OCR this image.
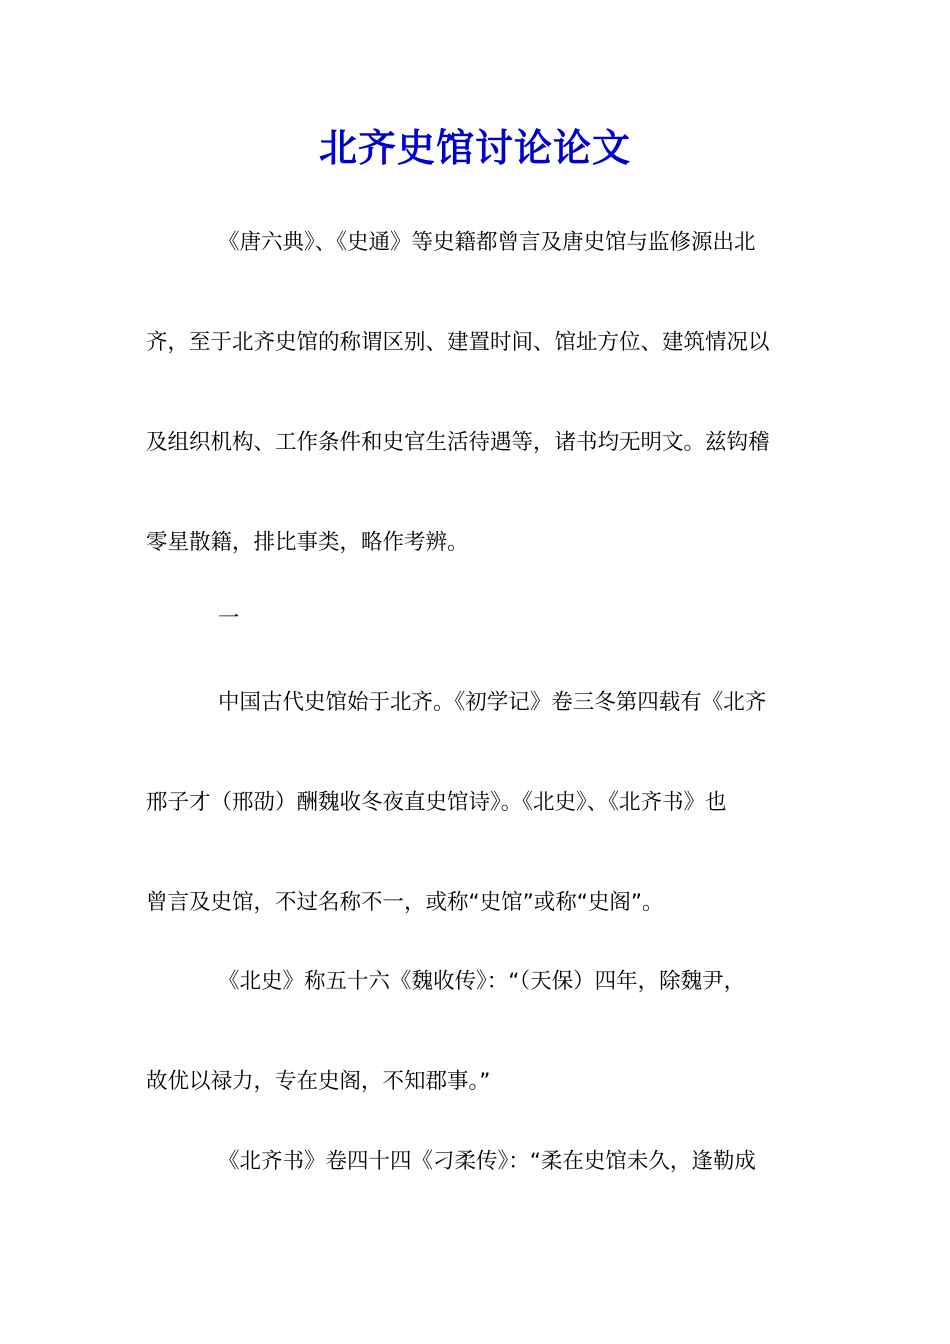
北齐史馆讨论论文
《唐六典》、《史通》等史籍都曾言及唐史馆与监修源出北
齐，至于北齐史馆的称谓区别、建置时间、馆址方位、建筑情况以
及组织机构、工作条件和史官生活待遇等，诸书均无明文。兹钩稽
零星散籍，排比事类，略作考辨。
一
中国古代史馆始于北齐。《初学记》卷三冬第四载有《北齐
邢子才（邢劭）酬魏收冬夜直史馆诗》。《北史》、《北齐书》也
曾言及史馆，不过名称不一，或称“史馆”或称“史阁”。
《北史》称五十六《魏收传》：“（天保）四年，除魏尹，
故优以禄力，专在史阁，不知郡事。”
《北齐书》卷四十四《刁柔传》：“柔在史馆未久，逢勒成
